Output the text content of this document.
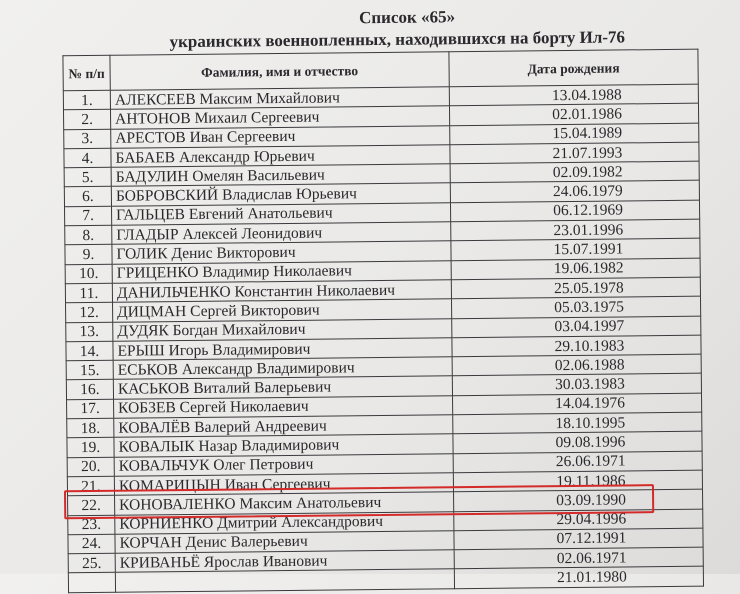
Список «65»
украинских военнопленных, находившихся на борту Ил-76
№ п/п	Фамилия, имя и отчество	Дата рождения
1.	АЛЕКСЕЕВ Максим Михайлович	13.04.1988
2.	АНТОНОВ Михаил Сергеевич	02.01.1986
3.	АРЕСТОВ Иван Сергеевич	15.04.1989
4.	БАБАЕВ Александр Юрьевич	21.07.1993
5.	БАДУЛИН Омелян Васильевич	02.09.1982
6.	БОБРОВСКИЙ Владислав Юрьевич	24.06.1979
7.	ГАЛЬЦЕВ Евгений Анатольевич	06.12.1969
8.	ГЛАДЫР Алексей Леонидович	23.01.1996
9.	ГОЛИК Денис Викторович	15.07.1991
10.	ГРИЦЕНКО Владимир Николаевич	19.06.1982
11.	ДАНИЛЬЧЕНКО Константин Николаевич	25.05.1978
12.	ДИЦМАН Сергей Викторович	05.03.1975
13.	ДУДЯК Богдан Михайлович	03.04.1997
14.	ЕРЫШ Игорь Владимирович	29.10.1983
15.	ЕСЬКОВ Александр Владимирович	02.06.1988
16.	КАСЬКОВ Виталий Валерьевич	30.03.1983
17.	КОБЗЕВ Сергей Николаевич	14.04.1976
18.	КОВАЛЁВ Валерий Андреевич	18.10.1995
19.	КОВАЛЫК Назар Владимирович	09.08.1996
20.	КОВАЛЬЧУК Олег Петрович	26.06.1971
21.	КОМАРИЦЫН Иван Сергеевич	19.11.1986
22.	КОНОВАЛЕНКО Максим Анатольевич	03.09.1990
23.	КОРНИЕНКО Дмитрий Александрович	29.04.1996
24.	КОРЧАН Денис Валерьевич	07.12.1991
25.	КРИВАНЬЁ Ярослав Иванович	02.06.1971
		21.01.1980
